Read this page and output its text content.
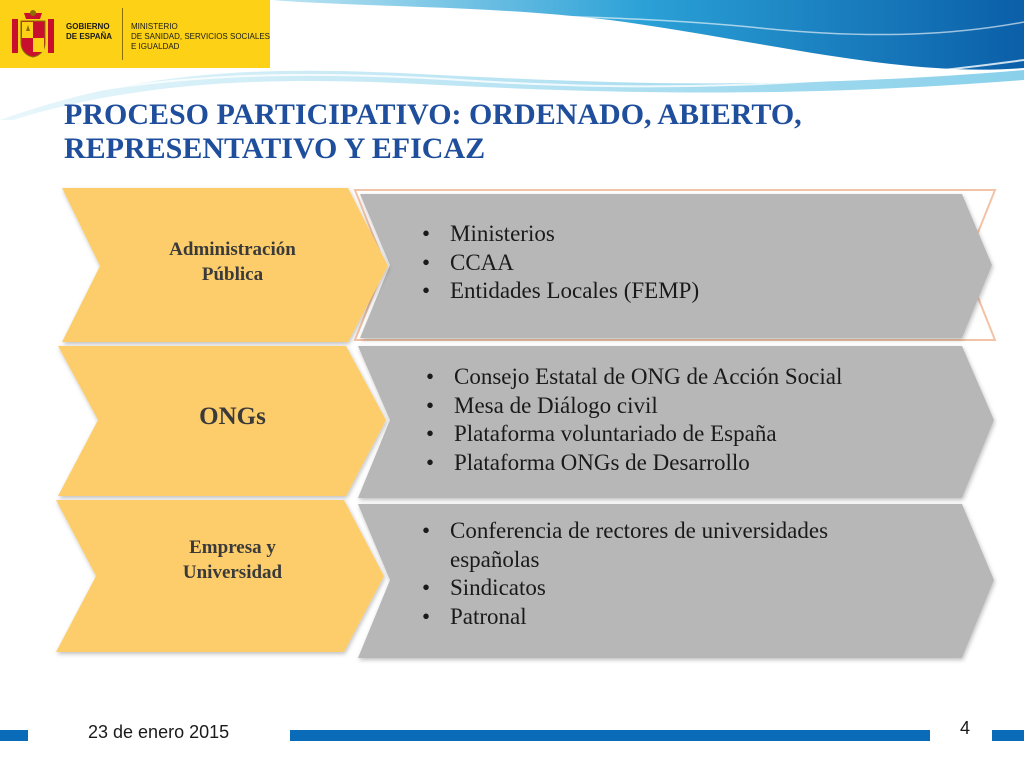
GOBIERNO
DE ESPAÑA
MINISTERIO
DE SANIDAD, SERVICIOS SOCIALES
E IGUALDAD
PROCESO PARTICIPATIVO: ORDENADO, ABIERTO,
REPRESENTATIVO Y EFICAZ
Administración
Pública
• Ministerios
• CCAA
• Entidades Locales (FEMP)
ONGs
• Consejo Estatal de ONG de Acción Social
• Mesa de Diálogo civil
• Plataforma voluntariado de España
• Plataforma ONGs de Desarrollo
Empresa y
Universidad
• Conferencia de rectores de universidades españolas
• Sindicatos
• Patronal
23 de enero 2015	4
